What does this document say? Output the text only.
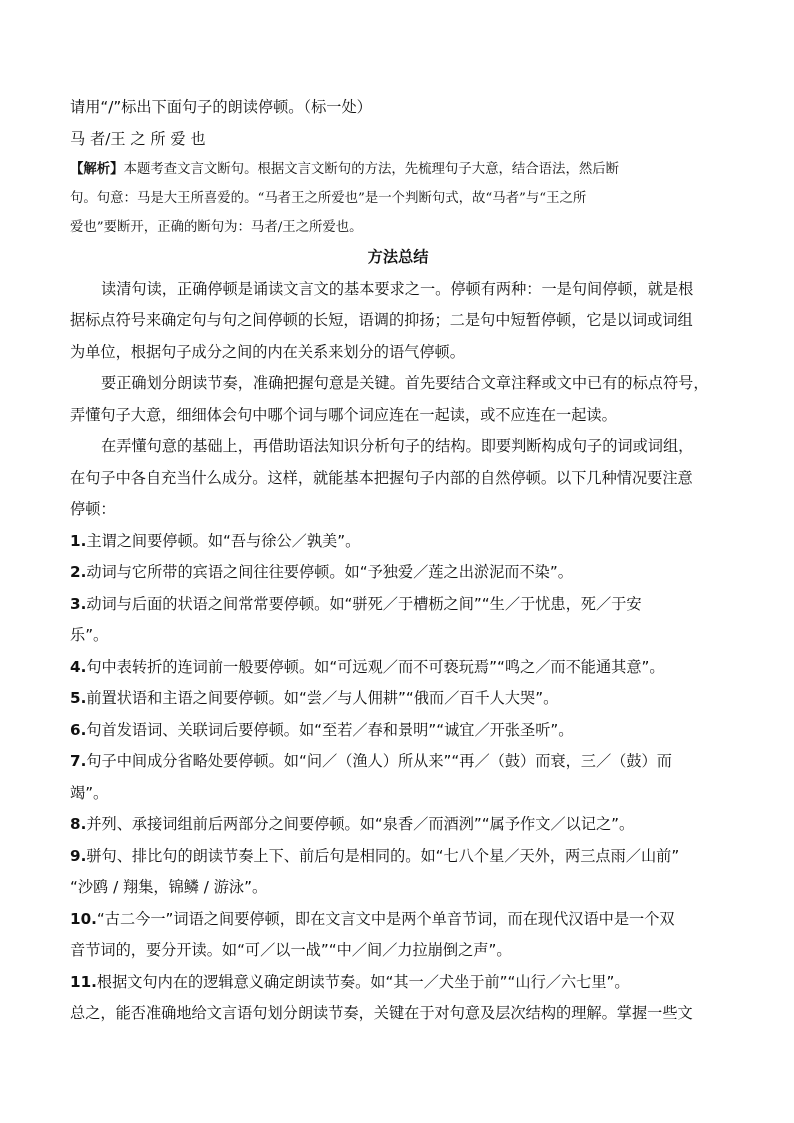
请用“/”标出下面句子的朗读停顿。（标一处）
马 者/王 之 所 爱 也
【解析】本题考查文言文断句。根据文言文断句的方法，先梳理句子大意，结合语法，然后断
句。句意：马是大王所喜爱的。“马者王之所爱也”是一个判断句式，故“马者”与“王之所
爱也”要断开，正确的断句为：马者/王之所爱也。
方法总结
读清句读，正确停顿是诵读文言文的基本要求之一。停顿有两种：一是句间停顿，就是根
据标点符号来确定句与句之间停顿的长短，语调的抑扬；二是句中短暂停顿，它是以词或词组
为单位，根据句子成分之间的内在关系来划分的语气停顿。
要正确划分朗读节奏，准确把握句意是关键。首先要结合文章注释或文中已有的标点符号，
弄懂句子大意，细细体会句中哪个词与哪个词应连在一起读，或不应连在一起读。
在弄懂句意的基础上，再借助语法知识分析句子的结构。即要判断构成句子的词或词组，
在句子中各自充当什么成分。这样，就能基本把握句子内部的自然停顿。以下几种情况要注意
停顿：
1.主谓之间要停顿。如“吾与徐公／孰美”。
2.动词与它所带的宾语之间往往要停顿。如“予独爱／莲之出淤泥而不染”。
3.动词与后面的状语之间常常要停顿。如“骈死／于槽枥之间”“生／于忧患，死／于安
乐”。
4.句中表转折的连词前一般要停顿。如“可远观／而不可亵玩焉”“鸣之／而不能通其意”。
5.前置状语和主语之间要停顿。如“尝／与人佣耕”“俄而／百千人大哭”。
6.句首发语词、关联词后要停顿。如“至若／春和景明”“诚宜／开张圣听”。
7.句子中间成分省略处要停顿。如“问／（渔人）所从来”“再／（鼓）而衰，三／（鼓）而
竭”。
8.并列、承接词组前后两部分之间要停顿。如“泉香／而酒洌”“属予作文／以记之”。
9.骈句、排比句的朗读节奏上下、前后句是相同的。如“七八个星／天外，两三点雨／山前”
“沙鸥 / 翔集，锦鳞 / 游泳”。
10.“古二今一”词语之间要停顿，即在文言文中是两个单音节词，而在现代汉语中是一个双
音节词的，要分开读。如“可／以一战”“中／间／力拉崩倒之声”。
11.根据文句内在的逻辑意义确定朗读节奏。如“其一／犬坐于前”“山行／六七里”。
总之，能否准确地给文言语句划分朗读节奏，关键在于对句意及层次结构的理解。掌握一些文
